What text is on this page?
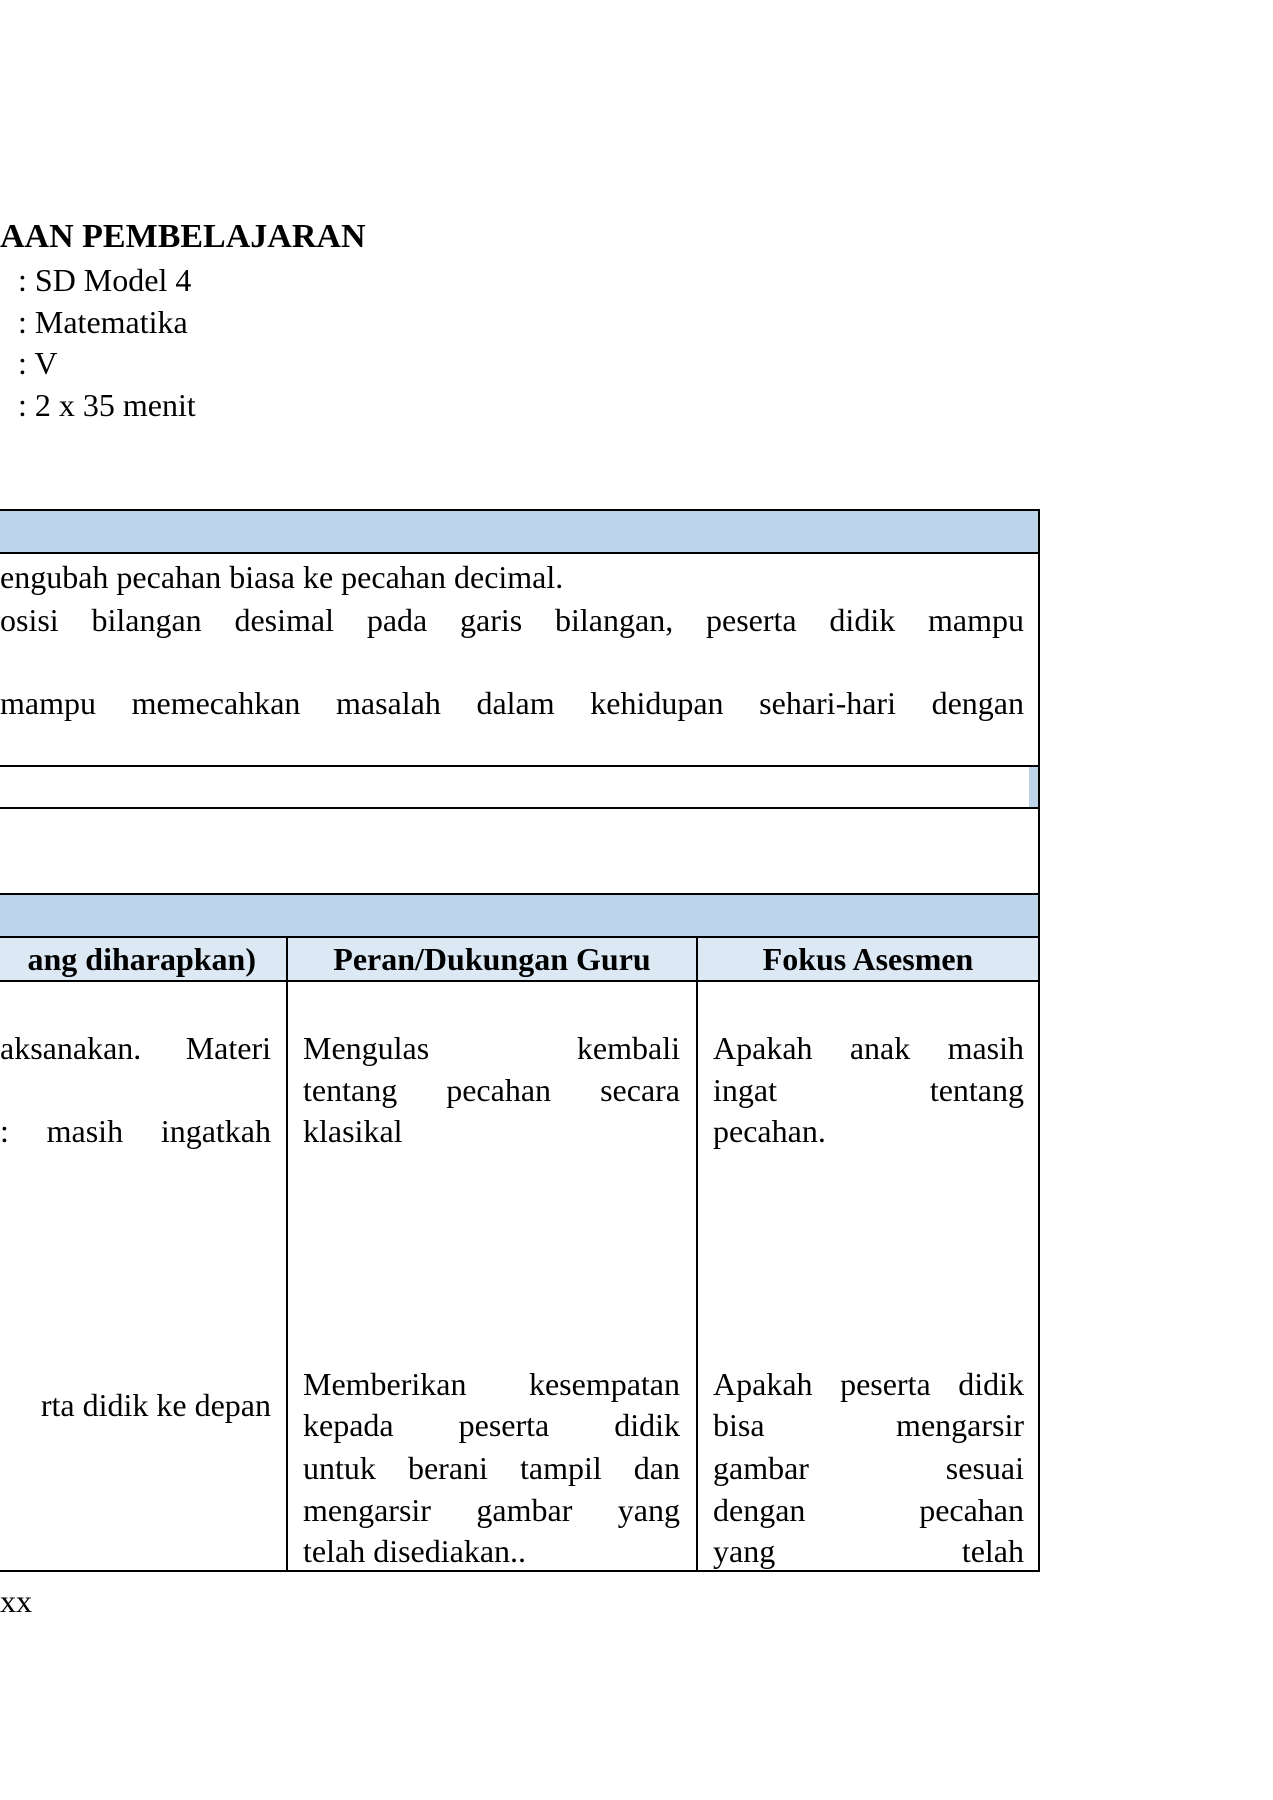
AAN PEMBELAJARAN
: SD Model 4
: Matematika
: V
: 2 x 35 menit
engubah pecahan biasa ke pecahan decimal.
osisi bilangan desimal pada garis bilangan, peserta didik mampu
mampu memecahkan masalah dalam kehidupan sehari-hari dengan
ang diharapkan)	Peran/Dukungan Guru	Fokus Asesmen
aksanakan. Materi
: masih ingatkah
Mengulas kembali
tentang pecahan secara
klasikal
Apakah anak masih
ingat tentang
pecahan.
rta didik ke depan
Memberikan kesempatan
kepada peserta didik
untuk berani tampil dan
mengarsir gambar yang
telah disediakan..
Apakah peserta didik
bisa mengarsir
gambar sesuai
dengan pecahan
yang telah
xx
